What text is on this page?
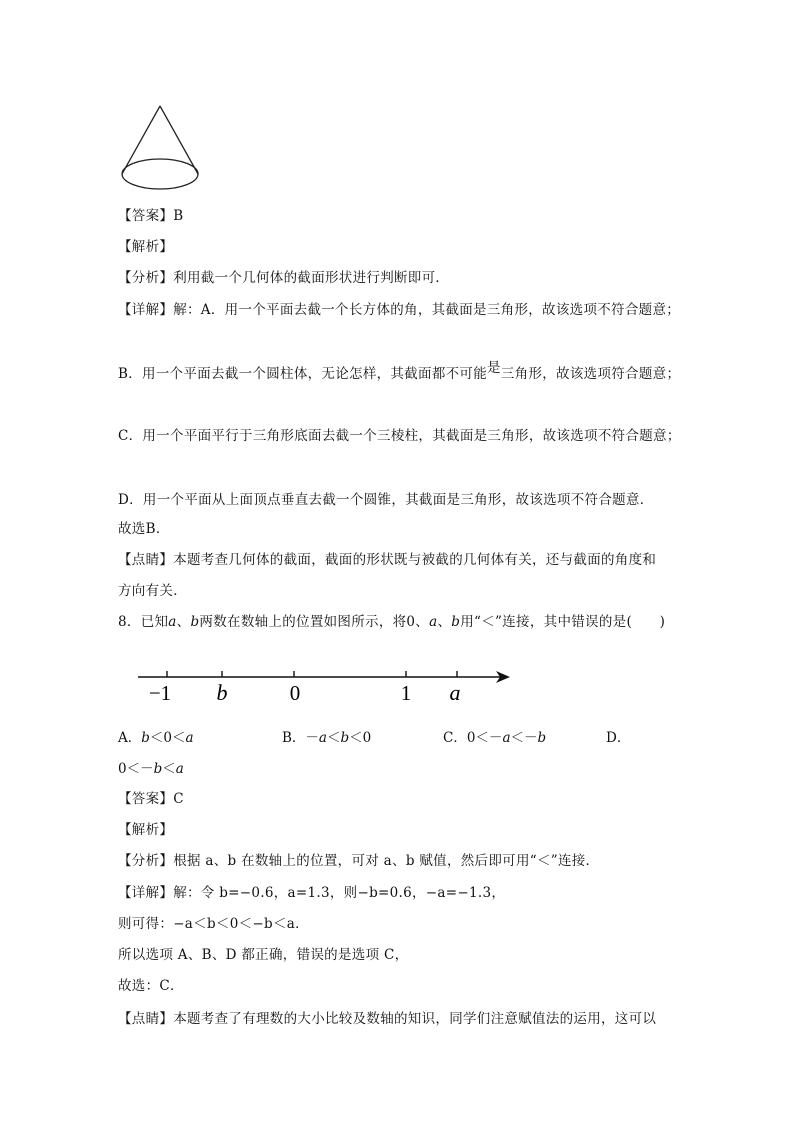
【答案】B
【解析】
【分析】利用截一个几何体的截面形状进行判断即可．
【详解】解：A．用一个平面去截一个长方体的角，其截面是三角形，故该选项不符合题意；
B．用一个平面去截一个圆柱体，无论怎样，其截面都不可能是三角形，故该选项符合题意；
C．用一个平面平行于三角形底面去截一个三棱柱，其截面是三角形，故该选项不符合题意；
D．用一个平面从上面顶点垂直去截一个圆锥，其截面是三角形，故该选项不符合题意．
故选B．
【点睛】本题考查几何体的截面，截面的形状既与被截的几何体有关，还与截面的角度和
方向有关．
8．已知a、b两数在数轴上的位置如图所示，将0、a、b用“＜”连接，其中错误的是(　　)
−1 b	0	1 a
A．b＜0＜a	B．－a＜b＜0	C．0＜－a＜－b	D．
0＜－b＜a
【答案】C
【解析】
【分析】根据 a、b 在数轴上的位置，可对 a、b 赋值，然后即可用“＜”连接．
【详解】解：令 b=−0.6，a=1.3，则−b=0.6，−a=−1.3，
则可得：−a＜b＜0＜−b＜a．
所以选项 A、B、D 都正确，错误的是选项 C，
故选：C．
【点睛】本题考查了有理数的大小比较及数轴的知识，同学们注意赋值法的运用，这可以
